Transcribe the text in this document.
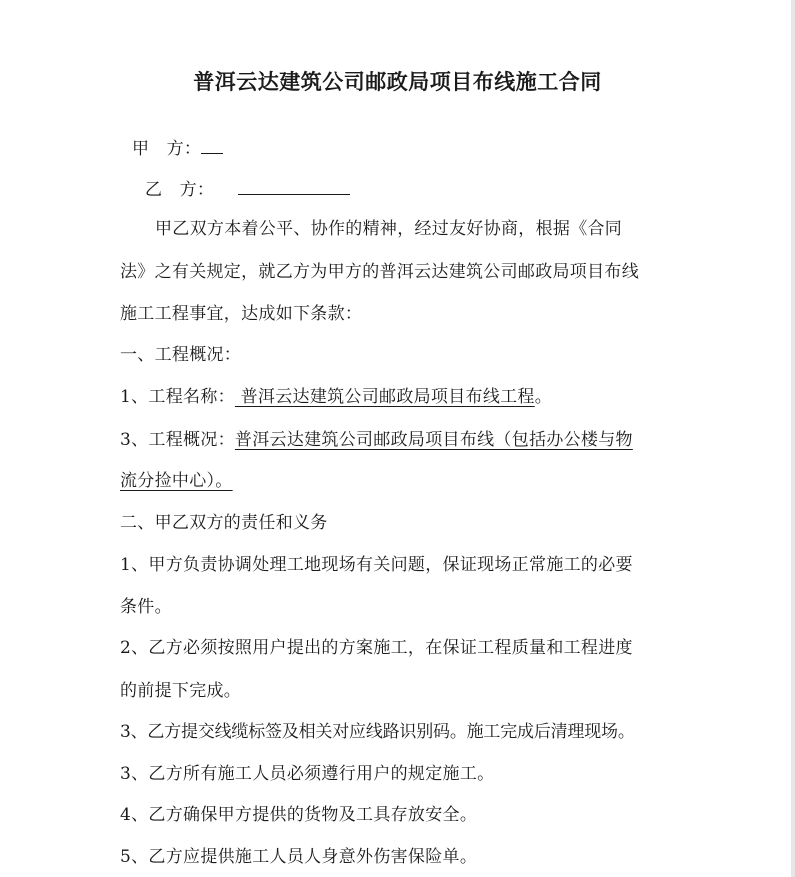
普洱云达建筑公司邮政局项目布线施工合同
甲　方：
乙　方：
甲乙双方本着公平、协作的精神，经过友好协商，根据《合同
法》之有关规定，就乙方为甲方的普洱云达建筑公司邮政局项目布线
施工工程事宜，达成如下条款：
一、工程概况：
1、工程名称： 普洱云达建筑公司邮政局项目布线工程。
3、工程概况：普洱云达建筑公司邮政局项目布线（包括办公楼与物
流分捡中心）。
二、甲乙双方的责任和义务
1、甲方负责协调处理工地现场有关问题，保证现场正常施工的必要
条件。
2、乙方必须按照用户提出的方案施工，在保证工程质量和工程进度
的前提下完成。
3、乙方提交线缆标签及相关对应线路识别码。施工完成后清理现场。
3、乙方所有施工人员必须遵行用户的规定施工。
4、乙方确保甲方提供的货物及工具存放安全。
5、乙方应提供施工人员人身意外伤害保险单。
